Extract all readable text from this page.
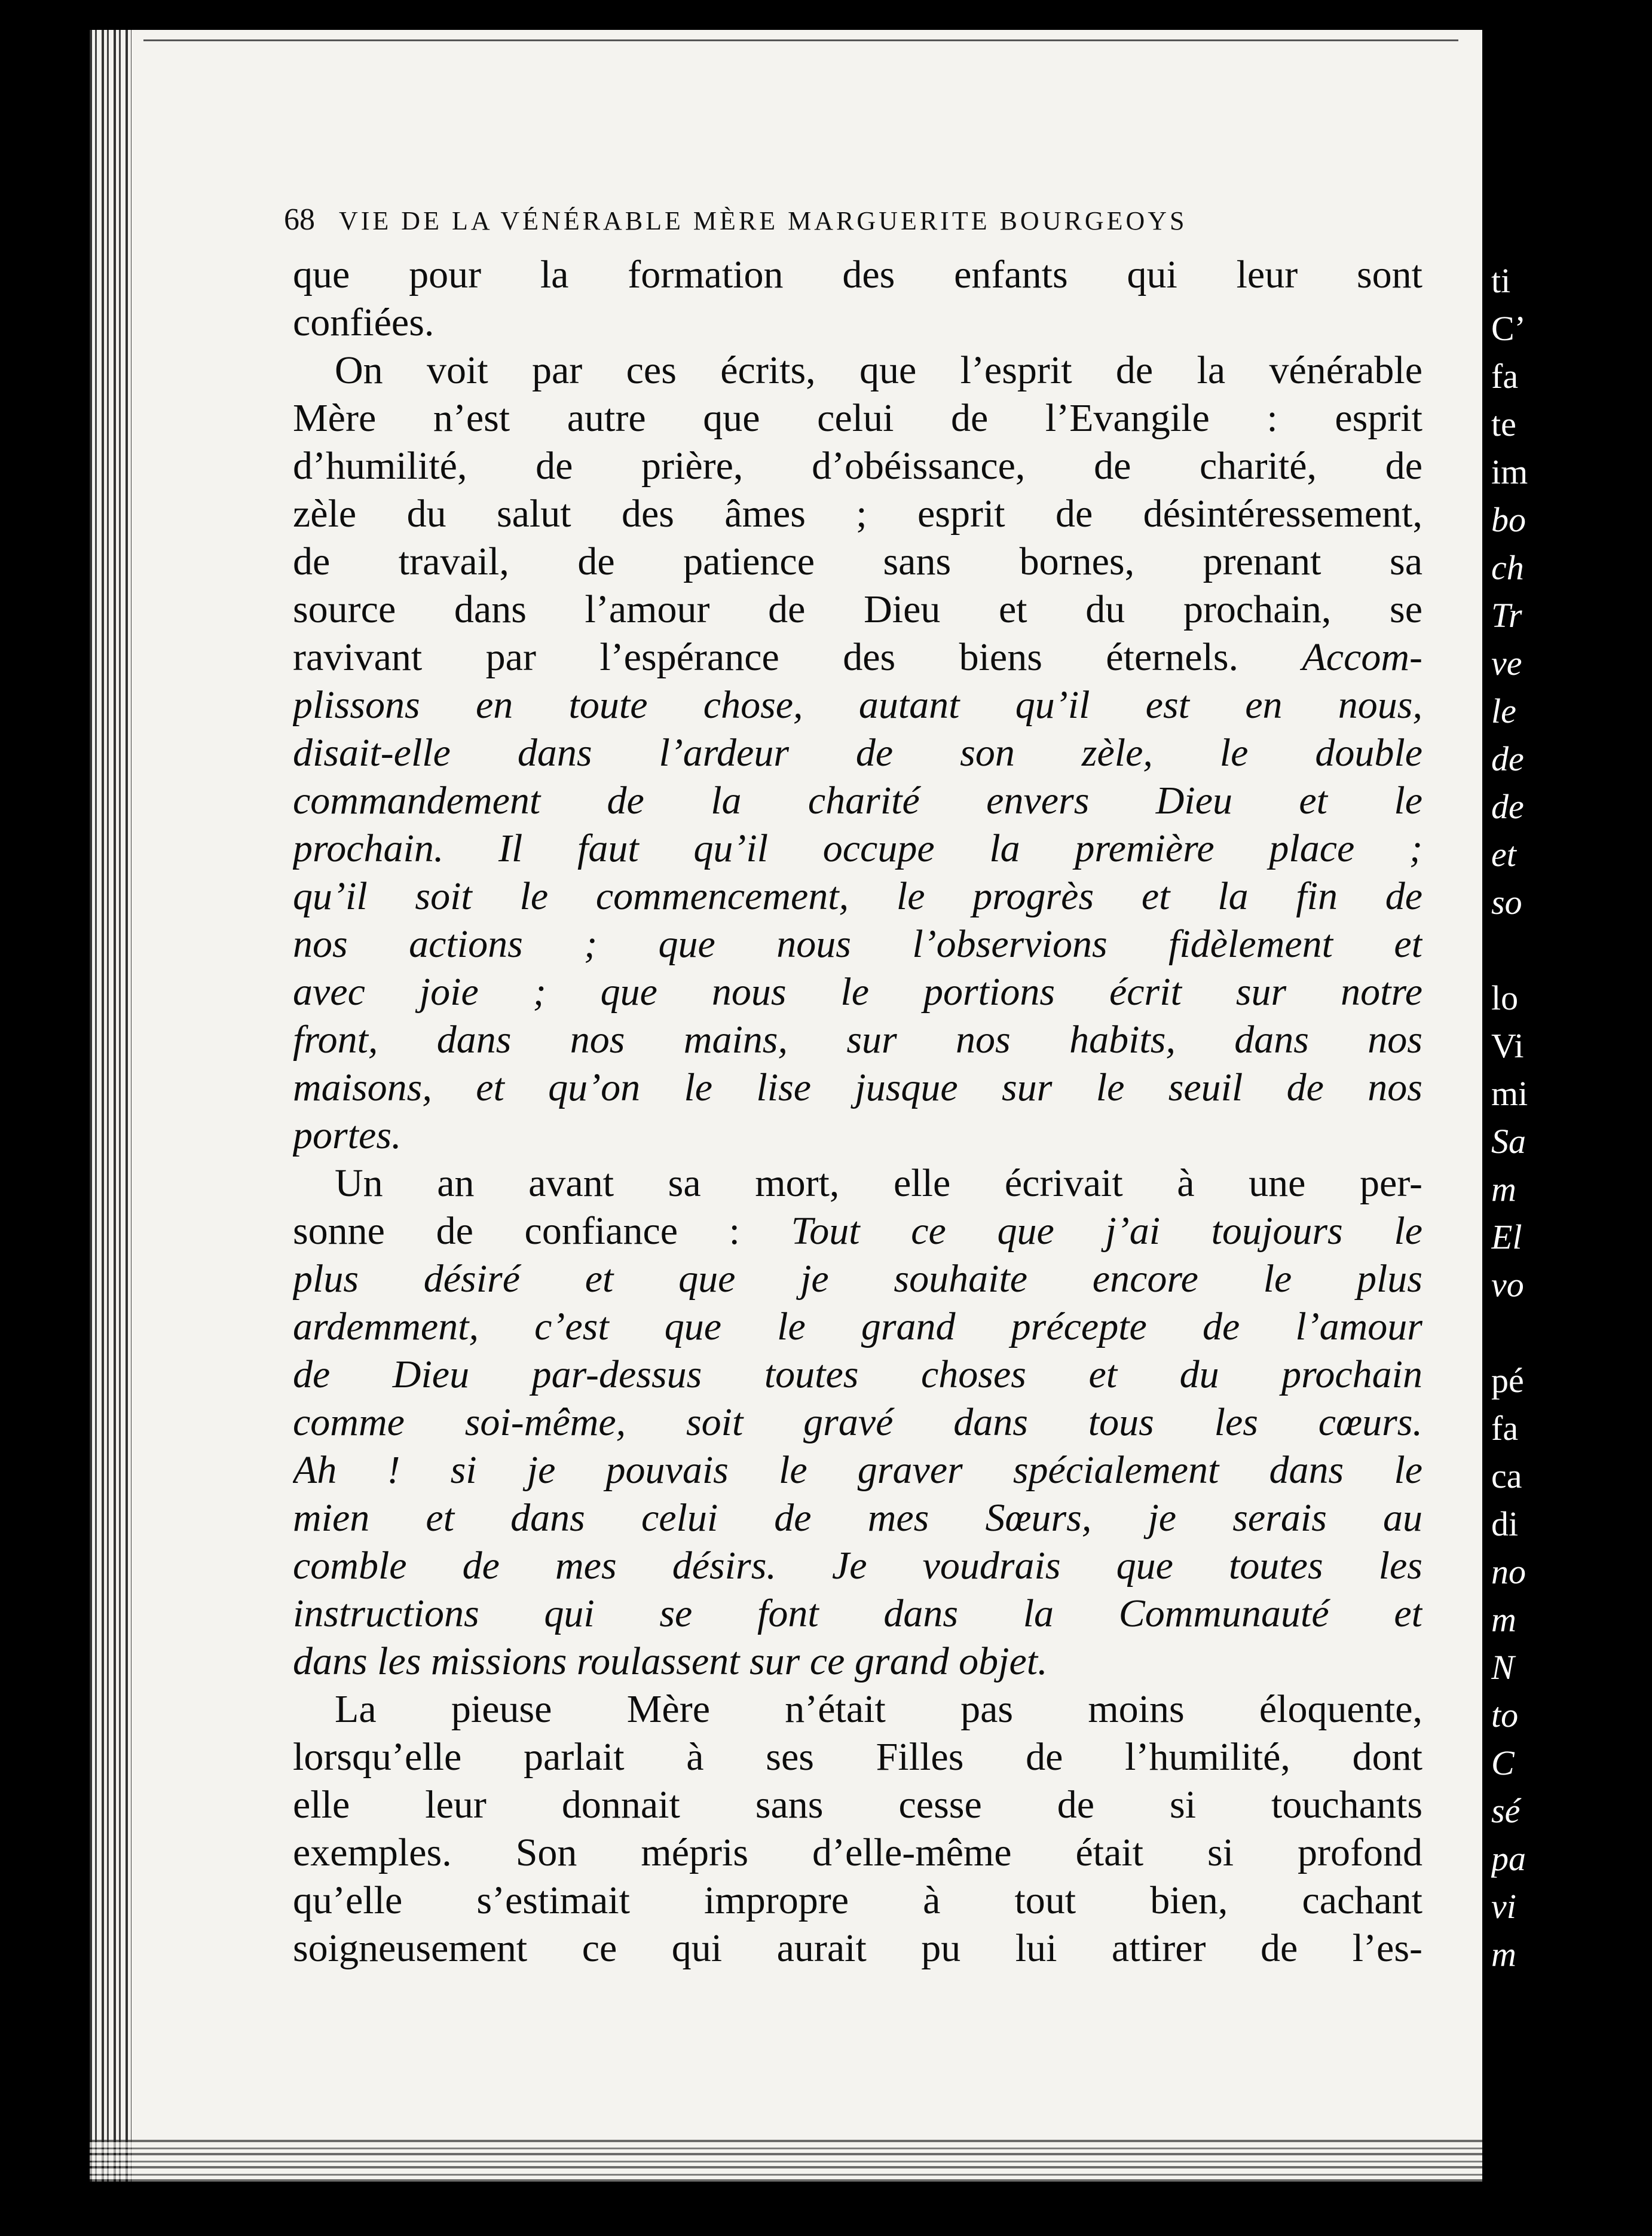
68 VIE DE LA VÉNÉRABLE MÈRE MARGUERITE BOURGEOYS
que pour la formation des enfants qui leur sont
confiées.
On voit par ces écrits, que l’esprit de la vénérable
Mère n’est autre que celui de l’Evangile : esprit
d’humilité, de prière, d’obéissance, de charité, de
zèle du salut des âmes ; esprit de désintéressement,
de travail, de patience sans bornes, prenant sa
source dans l’amour de Dieu et du prochain, se
ravivant par l’espérance des biens éternels. Accom-
plissons en toute chose, autant qu’il est en nous,
disait-elle dans l’ardeur de son zèle, le double
commandement de la charité envers Dieu et le
prochain. Il faut qu’il occupe la première place ;
qu’il soit le commencement, le progrès et la fin de
nos actions ; que nous l’observions fidèlement et
avec joie ; que nous le portions écrit sur notre
front, dans nos mains, sur nos habits, dans nos
maisons, et qu’on le lise jusque sur le seuil de nos
portes.
Un an avant sa mort, elle écrivait à une per-
sonne de confiance : Tout ce que j’ai toujours le
plus désiré et que je souhaite encore le plus
ardemment, c’est que le grand précepte de l’amour
de Dieu par-dessus toutes choses et du prochain
comme soi-même, soit gravé dans tous les cœurs.
Ah ! si je pouvais le graver spécialement dans le
mien et dans celui de mes Sœurs, je serais au
comble de mes désirs. Je voudrais que toutes les
instructions qui se font dans la Communauté et
dans les missions roulassent sur ce grand objet.
La pieuse Mère n’était pas moins éloquente,
lorsqu’elle parlait à ses Filles de l’humilité, dont
elle leur donnait sans cesse de si touchants
exemples. Son mépris d’elle-même était si profond
qu’elle s’estimait impropre à tout bien, cachant
soigneusement ce qui aurait pu lui attirer de l’es-
ti
C’
fa
te
im
bo
ch
Tr
ve
le
de
de
et
so
lo
Vi
mi
Sa
m
El
vo
pé
fa
ca
di
no
m
N
to
C
sé
pa
vi
m
